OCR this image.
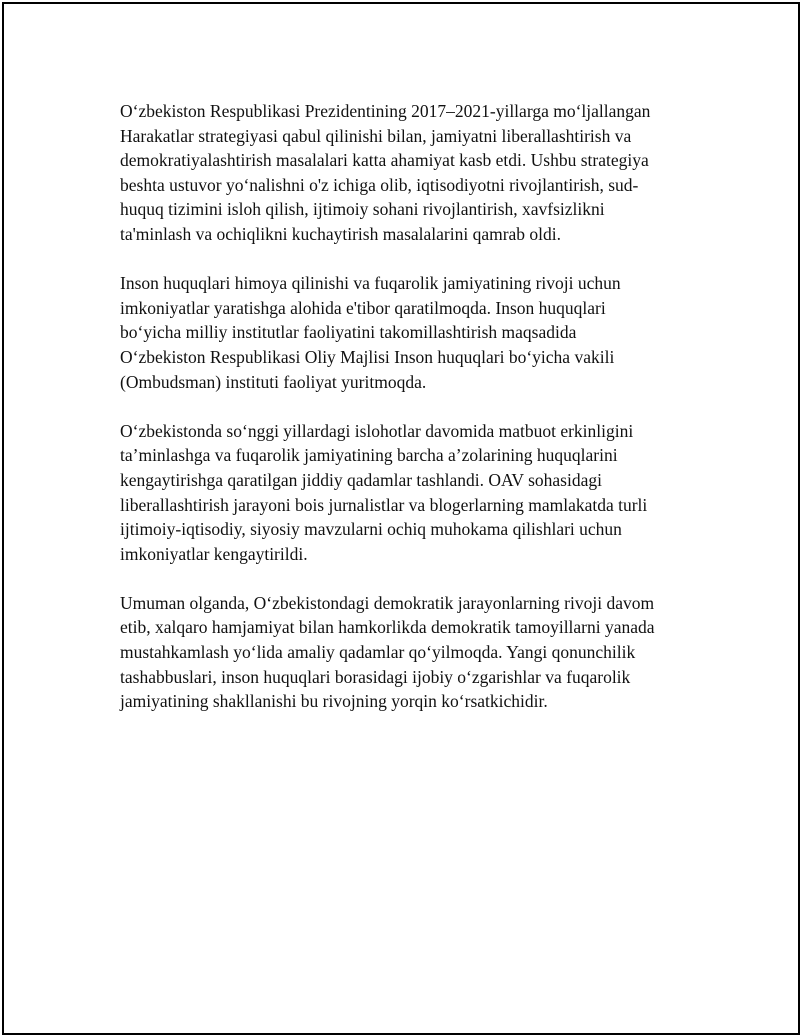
O‘zbekiston Respublikasi Prezidentining 2017–2021-yillarga mo‘ljallangan
Harakatlar strategiyasi qabul qilinishi bilan, jamiyatni liberallashtirish va
demokratiyalashtirish masalalari katta ahamiyat kasb etdi. Ushbu strategiya
beshta ustuvor yo‘nalishni o'z ichiga olib, iqtisodiyotni rivojlantirish, sud-
huquq tizimini isloh qilish, ijtimoiy sohani rivojlantirish, xavfsizlikni
ta'minlash va ochiqlikni kuchaytirish masalalarini qamrab oldi.

Inson huquqlari himoya qilinishi va fuqarolik jamiyatining rivoji uchun
imkoniyatlar yaratishga alohida e'tibor qaratilmoqda. Inson huquqlari
bo‘yicha milliy institutlar faoliyatini takomillashtirish maqsadida
O‘zbekiston Respublikasi Oliy Majlisi Inson huquqlari bo‘yicha vakili
(Ombudsman) instituti faoliyat yuritmoqda.

O‘zbekistonda so‘nggi yillardagi islohotlar davomida matbuot erkinligini
ta’minlashga va fuqarolik jamiyatining barcha a’zolarining huquqlarini
kengaytirishga qaratilgan jiddiy qadamlar tashlandi. OAV sohasidagi
liberallashtirish jarayoni bois jurnalistlar va blogerlarning mamlakatda turli
ijtimoiy-iqtisodiy, siyosiy mavzularni ochiq muhokama qilishlari uchun
imkoniyatlar kengaytirildi.

Umuman olganda, O‘zbekistondagi demokratik jarayonlarning rivoji davom
etib, xalqaro hamjamiyat bilan hamkorlikda demokratik tamoyillarni yanada
mustahkamlash yo‘lida amaliy qadamlar qo‘yilmoqda. Yangi qonunchilik
tashabbuslari, inson huquqlari borasidagi ijobiy o‘zgarishlar va fuqarolik
jamiyatining shakllanishi bu rivojning yorqin ko‘rsatkichidir.
